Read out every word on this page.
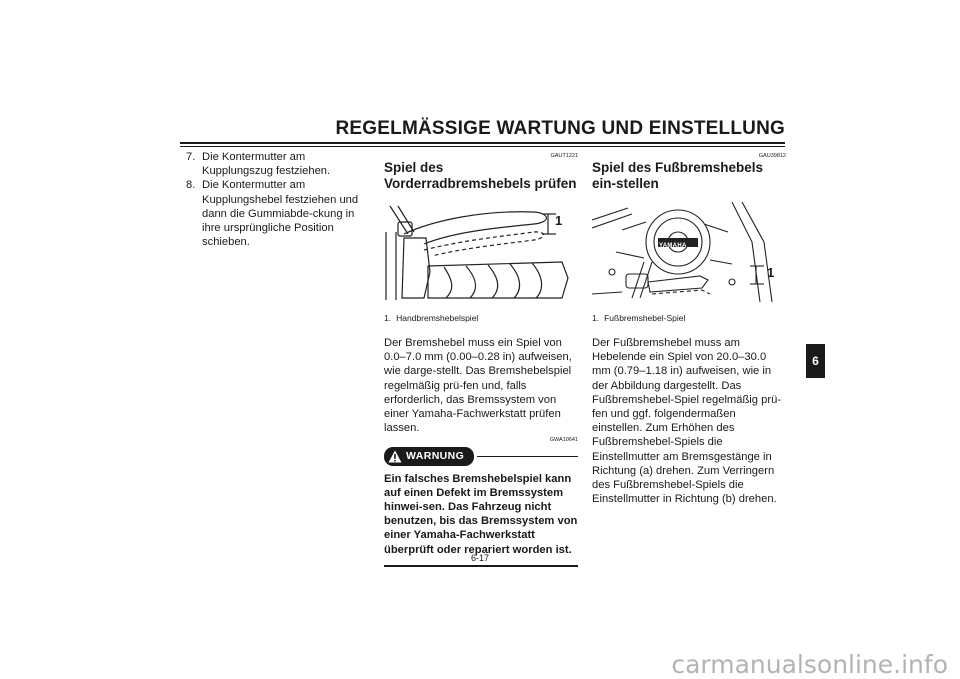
REGELMÄSSIGE WARTUNG UND EINSTELLUNG
7. Die Kontermutter am Kupplungszug festziehen.
8. Die Kontermutter am Kupplungshebel festziehen und dann die Gummiabde-ckung in ihre ursprüngliche Position schieben.
GAUT1221
Spiel des Vorderradbremshebels prüfen
1
1. Handbremshebelspiel

Der Bremshebel muss ein Spiel von 0.0–7.0 mm (0.00–0.28 in) aufweisen, wie darge-stellt. Das Bremshebelspiel regelmäßig prü-fen und, falls erforderlich, das Bremssystem von einer Yamaha-Fachwerkstatt prüfen lassen.

GWA10641
WARNUNG
Ein falsches Bremshebelspiel kann auf einen Defekt im Bremssystem hinwei-sen. Das Fahrzeug nicht benutzen, bis das Bremssystem von einer Yamaha-Fachwerkstatt überprüft oder repariert worden ist.
GAU39812
Spiel des Fußbremshebels ein-stellen
YAMAHA
1
1. Fußbremshebel-Spiel

Der Fußbremshebel muss am Hebelende ein Spiel von 20.0–30.0 mm (0.79–1.18 in) aufweisen, wie in der Abbildung dargestellt. Das Fußbremshebel-Spiel regelmäßig prü-fen und ggf. folgendermaßen einstellen. Zum Erhöhen des Fußbremshebel-Spiels die Einstellmutter am Bremsgestänge in Richtung (a) drehen. Zum Verringern des Fußbremshebel-Spiels die Einstellmutter in Richtung (b) drehen.

6
6-17
carmanualsonline.info
